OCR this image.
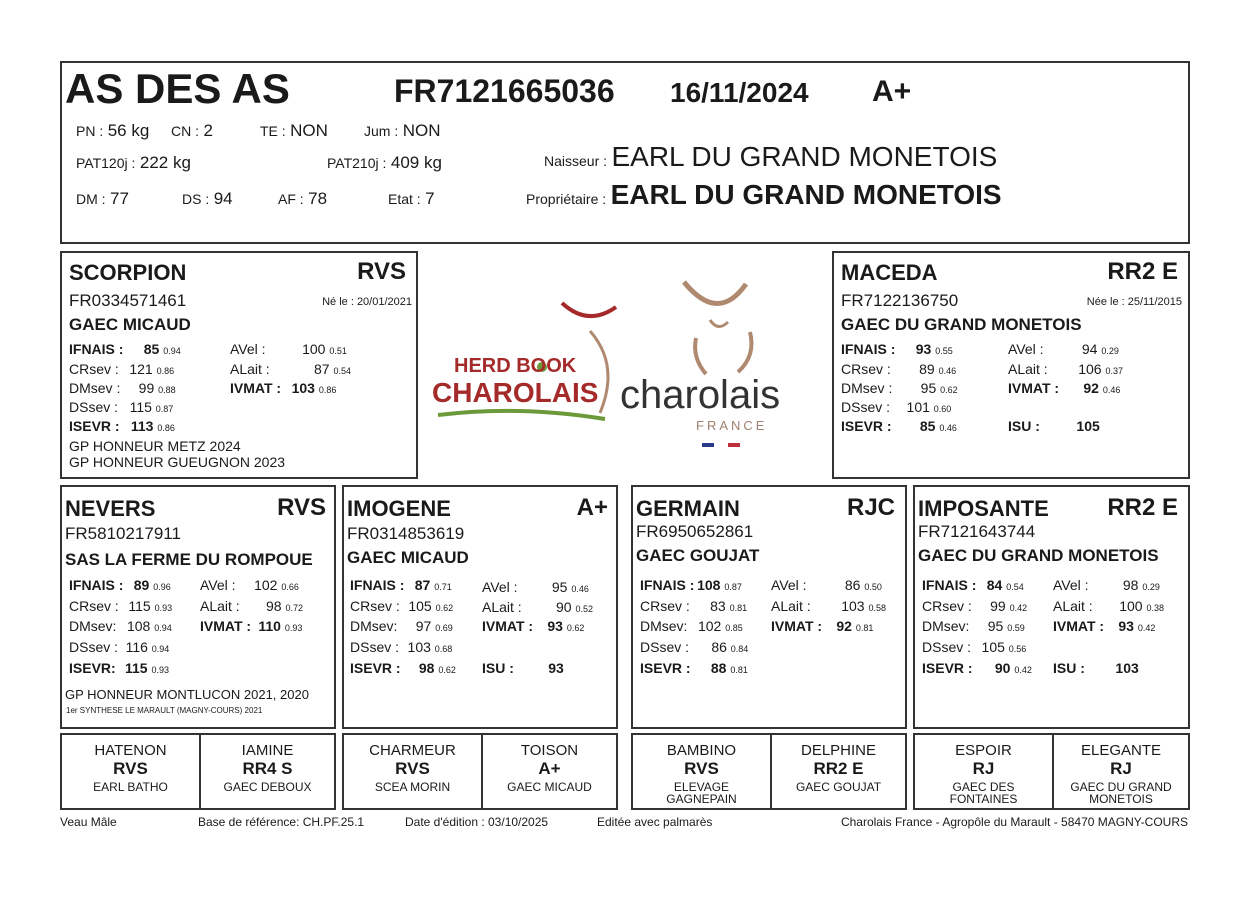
AS DES AS	FR7121665036 16/11/2024 A+
PN : 56 kg CN : 2	TE : NON	Jum : NON
PAT120j : 222 kg	PAT210j : 409 kg
DM : 77	DS : 94	AF : 78	Etat : 7
Naisseur : EARL DU GRAND MONETOIS
Propriétaire : EARL DU GRAND MONETOIS
SCORPION	RVS
FR0334571461	Né le : 20/01/2021
GAEC MICAUD
IFNAIS : 85 0.94
CRsev : 121 0.86
DMsev : 99 0.88
DSsev : 115 0.87
ISEVR : 113 0.86
AVel :	100 0.51
ALait :	87 0.54
IVMAT : 103 0.86
GP HONNEUR METZ 2024
GP HONNEUR GUEUGNON 2023
HERD BOOK
CHAROLAIS charolais
FRANCE
MACEDA	RR2 E
FR7122136750	Née le : 25/11/2015
GAEC DU GRAND MONETOIS
IFNAIS : 93 0.55
CRsev : 89 0.46
DMsev : 95 0.62
DSsev : 101 0.60
ISEVR : 85 0.46
AVel :	94 0.29
ALait : 106 0.37
IVMAT : 92 0.46
ISU :	105
NEVERS	RVS
FR5810217911
SAS LA FERME DU ROMPOUE
IFNAIS : 89 0.96
CRsev : 115 0.93
DMsev: 108 0.94
DSsev : 116 0.94
ISEVR: 115 0.93
AVel : 102 0.66
ALait : 98 0.72
IVMAT : 110 0.93
GP HONNEUR MONTLUCON 2021, 2020
1er SYNTHESE LE MARAULT (MAGNY-COURS) 2021
IMOGENE	A+
FR0314853619
GAEC MICAUD
IFNAIS : 87 0.71
CRsev : 105 0.62
DMsev: 97 0.69
DSsev : 103 0.68
ISEVR : 98 0.62
AVel : 95 0.46
ALait : 90 0.52
IVMAT : 93 0.62
ISU : 93
GERMAIN	RJC
FR6950652861
GAEC GOUJAT
IFNAIS : 108 0.87
CRsev : 83 0.81
DMsev: 102 0.85
DSsev : 86 0.84
ISEVR : 88 0.81
AVel :	86 0.50
ALait : 103 0.58
IVMAT : 92 0.81
IMPOSANTE RR2 E
FR7121643744
GAEC DU GRAND MONETOIS
IFNAIS : 84 0.54
CRsev : 99 0.42
DMsev: 95 0.59
DSsev : 105 0.56
ISEVR : 90 0.42
AVel : 98 0.29
ALait : 100 0.38
IVMAT : 93 0.42
ISU : 103
HATENON
RVS
EARL BATHO
IAMINE
RR4 S
GAEC DEBOUX
CHARMEUR
RVS
SCEA MORIN
TOISON
A+
GAEC MICAUD
BAMBINO
RVS
ELEVAGE GAGNEPAIN
DELPHINE
RR2 E
GAEC GOUJAT
ESPOIR
RJ
GAEC DES FONTAINES
ELEGANTE
RJ
GAEC DU GRAND MONETOIS
Veau Mâle	Base de référence: CH.PF.25.1	Date d'édition : 03/10/2025	Editée avec palmarès	Charolais France - Agropôle du Marault - 58470 MAGNY-COURS
